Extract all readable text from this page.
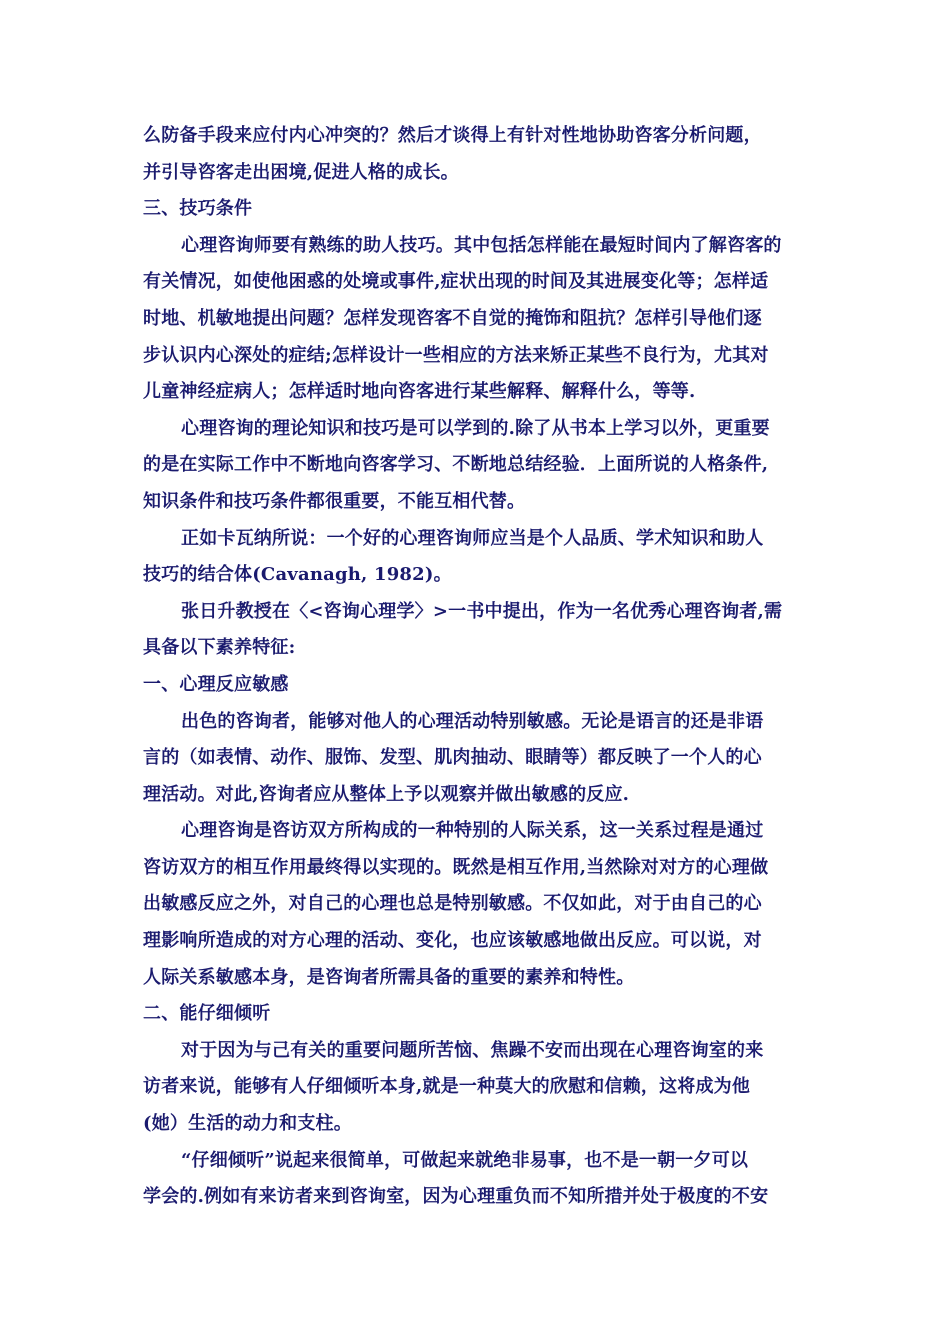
么防备手段来应付内心冲突的？然后才谈得上有针对性地协助咨客分析问题，
并引导咨客走出困境,促进人格的成长。
三、技巧条件
心理咨询师要有熟练的助人技巧。其中包括怎样能在最短时间内了解咨客的
有关情况，如使他困惑的处境或事件,症状出现的时间及其进展变化等；怎样适
时地、机敏地提出问题？怎样发现咨客不自觉的掩饰和阻抗？怎样引导他们逐
步认识内心深处的症结;怎样设计一些相应的方法来矫正某些不良行为，尤其对
儿童神经症病人；怎样适时地向咨客进行某些解释、解释什么，等等.
心理咨询的理论知识和技巧是可以学到的.除了从书本上学习以外，更重要
的是在实际工作中不断地向咨客学习、不断地总结经验．上面所说的人格条件,
知识条件和技巧条件都很重要，不能互相代替。
正如卡瓦纳所说：一个好的心理咨询师应当是个人品质、学术知识和助人
技巧的结合体(Cavanagh, 1982)。
张日升教授在〈<咨询心理学〉>一书中提出，作为一名优秀心理咨询者,需
具备以下素养特征:
一、心理反应敏感
出色的咨询者，能够对他人的心理活动特别敏感。无论是语言的还是非语
言的（如表情、动作、服饰、发型、肌肉抽动、眼睛等）都反映了一个人的心
理活动。对此,咨询者应从整体上予以观察并做出敏感的反应.
心理咨询是咨访双方所构成的一种特别的人际关系，这一关系过程是通过
咨访双方的相互作用最终得以实现的。既然是相互作用,当然除对对方的心理做
出敏感反应之外，对自己的心理也总是特别敏感。不仅如此，对于由自己的心
理影响所造成的对方心理的活动、变化，也应该敏感地做出反应。可以说，对
人际关系敏感本身，是咨询者所需具备的重要的素养和特性。
二、能仔细倾听
对于因为与己有关的重要问题所苦恼、焦躁不安而出现在心理咨询室的来
访者来说，能够有人仔细倾听本身,就是一种莫大的欣慰和信赖，这将成为他
(她）生活的动力和支柱。
“仔细倾听”说起来很简单，可做起来就绝非易事，也不是一朝一夕可以
学会的.例如有来访者来到咨询室，因为心理重负而不知所措并处于极度的不安
